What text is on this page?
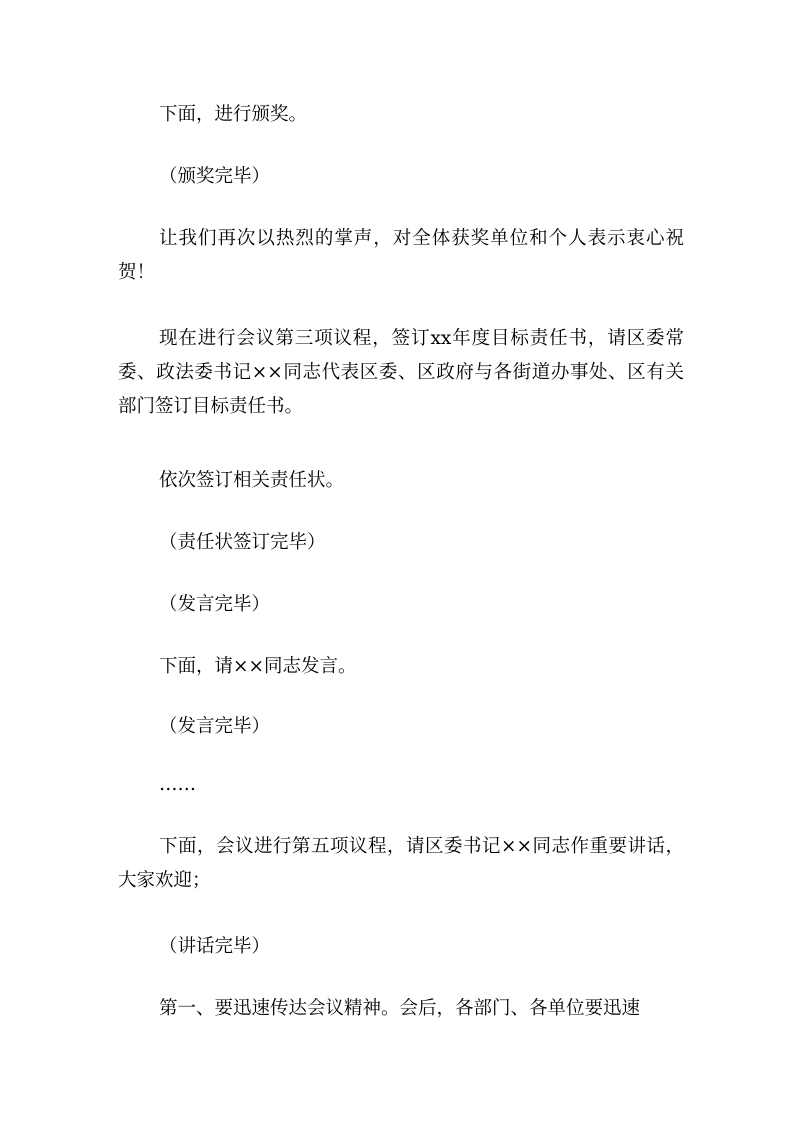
下面，进行颁奖。

（颁奖完毕）

让我们再次以热烈的掌声，对全体获奖单位和个人表示衷心祝贺！

现在进行会议第三项议程，签订xx年度目标责任书，请区委常委、政法委书记××同志代表区委、区政府与各街道办事处、区有关部门签订目标责任书。

依次签订相关责任状。

（责任状签订完毕）

（发言完毕）

下面，请××同志发言。

（发言完毕）

……

下面，会议进行第五项议程，请区委书记××同志作重要讲话，大家欢迎；

（讲话完毕）

第一、要迅速传达会议精神。会后，各部门、各单位要迅速
